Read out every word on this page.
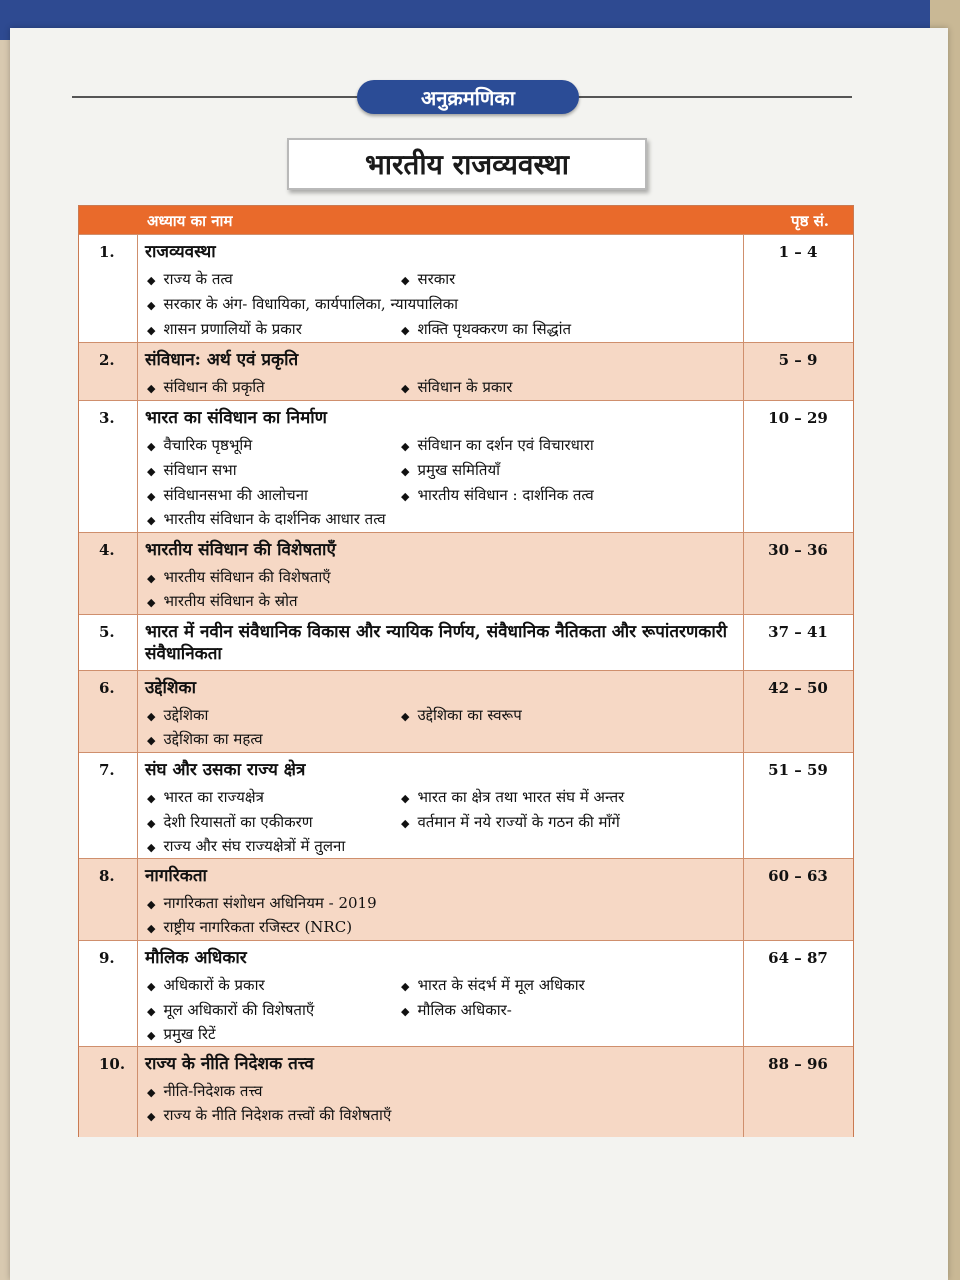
अनुक्रमणिका
भारतीय राजव्यवस्था
अध्याय का नाम	पृष्ठ सं.
1. राजव्यवस्था	1 – 4
◆ राज्य के तत्व	◆ सरकार
◆ सरकार के अंग- विधायिका, कार्यपालिका, न्यायपालिका
◆ शासन प्रणालियों के प्रकार	◆ शक्ति पृथक्करण का सिद्धांत
2. संविधान: अर्थ एवं प्रकृति	5 – 9
◆ संविधान की प्रकृति	◆ संविधान के प्रकार
3. भारत का संविधान का निर्माण	10 – 29
◆ वैचारिक पृष्ठभूमि	◆ संविधान का दर्शन एवं विचारधारा
◆ संविधान सभा	◆ प्रमुख समितियाँ
◆ संविधानसभा की आलोचना	◆ भारतीय संविधान : दार्शनिक तत्व
◆ भारतीय संविधान के दार्शनिक आधार तत्व
4. भारतीय संविधान की विशेषताएँ	30 – 36
◆ भारतीय संविधान की विशेषताएँ
◆ भारतीय संविधान के स्रोत
5. भारत में नवीन संवैधानिक विकास और न्यायिक निर्णय, संवैधानिक नैतिकता और रूपांतरणकारी संवैधानिकता
37 – 41
6. उद्देशिका	42 – 50
◆ उद्देशिका	◆ उद्देशिका का स्वरूप
◆ उद्देशिका का महत्व
7. संघ और उसका राज्य क्षेत्र	51 – 59
◆ भारत का राज्यक्षेत्र	◆ भारत का क्षेत्र तथा भारत संघ में अन्तर
◆ देशी रियासतों का एकीकरण	◆ वर्तमान में नये राज्यों के गठन की माँगें
◆ राज्य और संघ राज्यक्षेत्रों में तुलना
8. नागरिकता	60 – 63
◆ नागरिकता संशोधन अधिनियम - 2019
◆ राष्ट्रीय नागरिकता रजिस्टर (NRC)
9. मौलिक अधिकार	64 – 87
◆ अधिकारों के प्रकार	◆ भारत के संदर्भ में मूल अधिकार
◆ मूल अधिकारों की विशेषताएँ	◆ मौलिक अधिकार-
◆ प्रमुख रिटें
10. राज्य के नीति निदेशक तत्त्व	88 – 96
◆ नीति-निदेशक तत्त्व
◆ राज्य के नीति निदेशक तत्त्वों की विशेषताएँ
